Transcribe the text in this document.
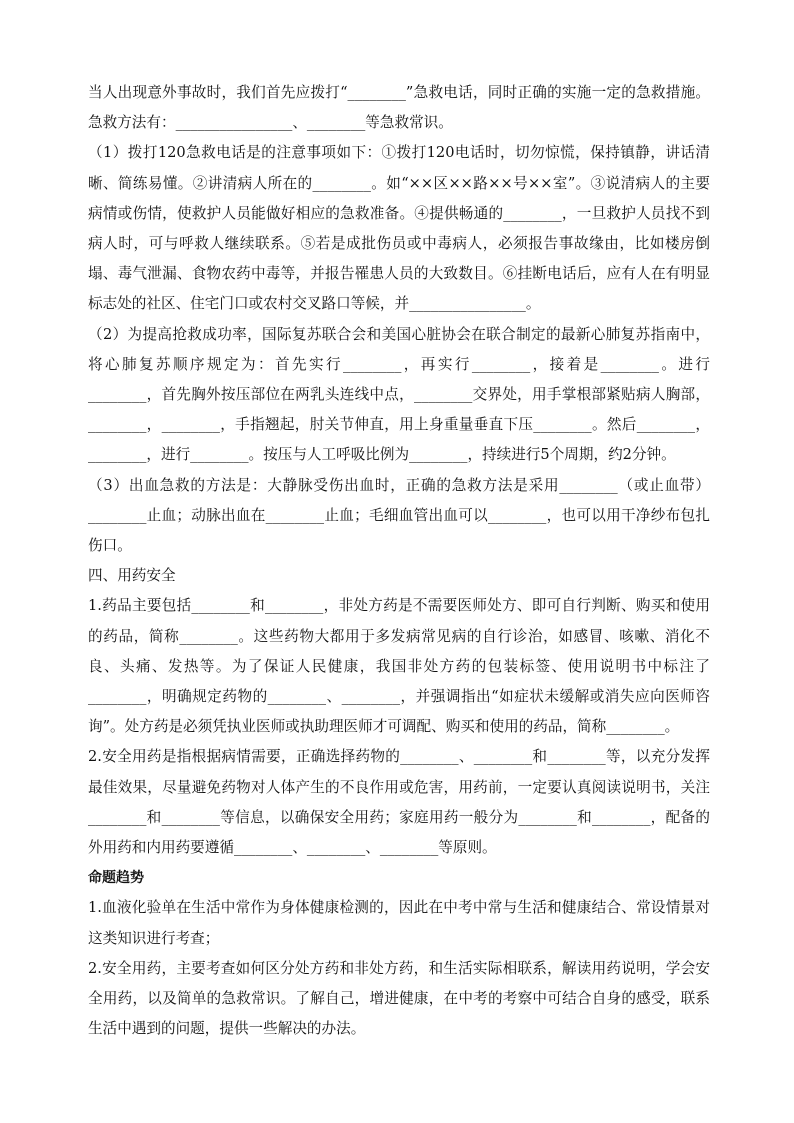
当人出现意外事故时，我们首先应拨打“________”急救电话，同时正确的实施一定的急救措施。急救方法有：________________、________等急救常识。

（1）拨打120急救电话是的注意事项如下：①拨打120电话时，切勿惊慌，保持镇静，讲话清晰、简练易懂。②讲清病人所在的________。如“××区××路××号××室”。③说清病人的主要病情或伤情，使救护人员能做好相应的急救准备。④提供畅通的________，一旦救护人员找不到病人时，可与呼救人继续联系。⑤若是成批伤员或中毒病人，必须报告事故缘由，比如楼房倒塌、毒气泄漏、食物农药中毒等，并报告罹患人员的大致数目。⑥挂断电话后，应有人在有明显标志处的社区、住宅门口或农村交叉路口等候，并________________。

（2）为提高抢救成功率，国际复苏联合会和美国心脏协会在联合制定的最新心肺复苏指南中，将心肺复苏顺序规定为：首先实行________，再实行________，接着是________。进行________，首先胸外按压部位在两乳头连线中点，________交界处，用手掌根部紧贴病人胸部，________，________，手指翘起，肘关节伸直，用上身重量垂直下压________。然后________，________，进行________。按压与人工呼吸比例为________，持续进行5个周期，约2分钟。

（3）出血急救的方法是：大静脉受伤出血时，正确的急救方法是采用________（或止血带）________止血；动脉出血在________止血；毛细血管出血可以________，也可以用干净纱布包扎伤口。

四、用药安全

1.药品主要包括________和________，非处方药是不需要医师处方、即可自行判断、购买和使用的药品，简称________。这些药物大都用于多发病常见病的自行诊治，如感冒、咳嗽、消化不良、头痛、发热等。为了保证人民健康，我国非处方药的包装标签、使用说明书中标注了________，明确规定药物的________、________，并强调指出“如症状未缓解或消失应向医师咨询”。处方药是必须凭执业医师或执助理医师才可调配、购买和使用的药品，简称________。

2.安全用药是指根据病情需要，正确选择药物的________、________和________等，以充分发挥最佳效果，尽量避免药物对人体产生的不良作用或危害，用药前，一定要认真阅读说明书，关注________和________等信息，以确保安全用药；家庭用药一般分为________和________，配备的外用药和内用药要遵循________、________、________等原则。

命题趋势

1.血液化验单在生活中常作为身体健康检测的，因此在中考中常与生活和健康结合、常设情景对这类知识进行考查；

2.安全用药，主要考查如何区分处方药和非处方药，和生活实际相联系，解读用药说明，学会安全用药，以及简单的急救常识。了解自己，增进健康，在中考的考察中可结合自身的感受，联系生活中遇到的问题，提供一些解决的办法。
